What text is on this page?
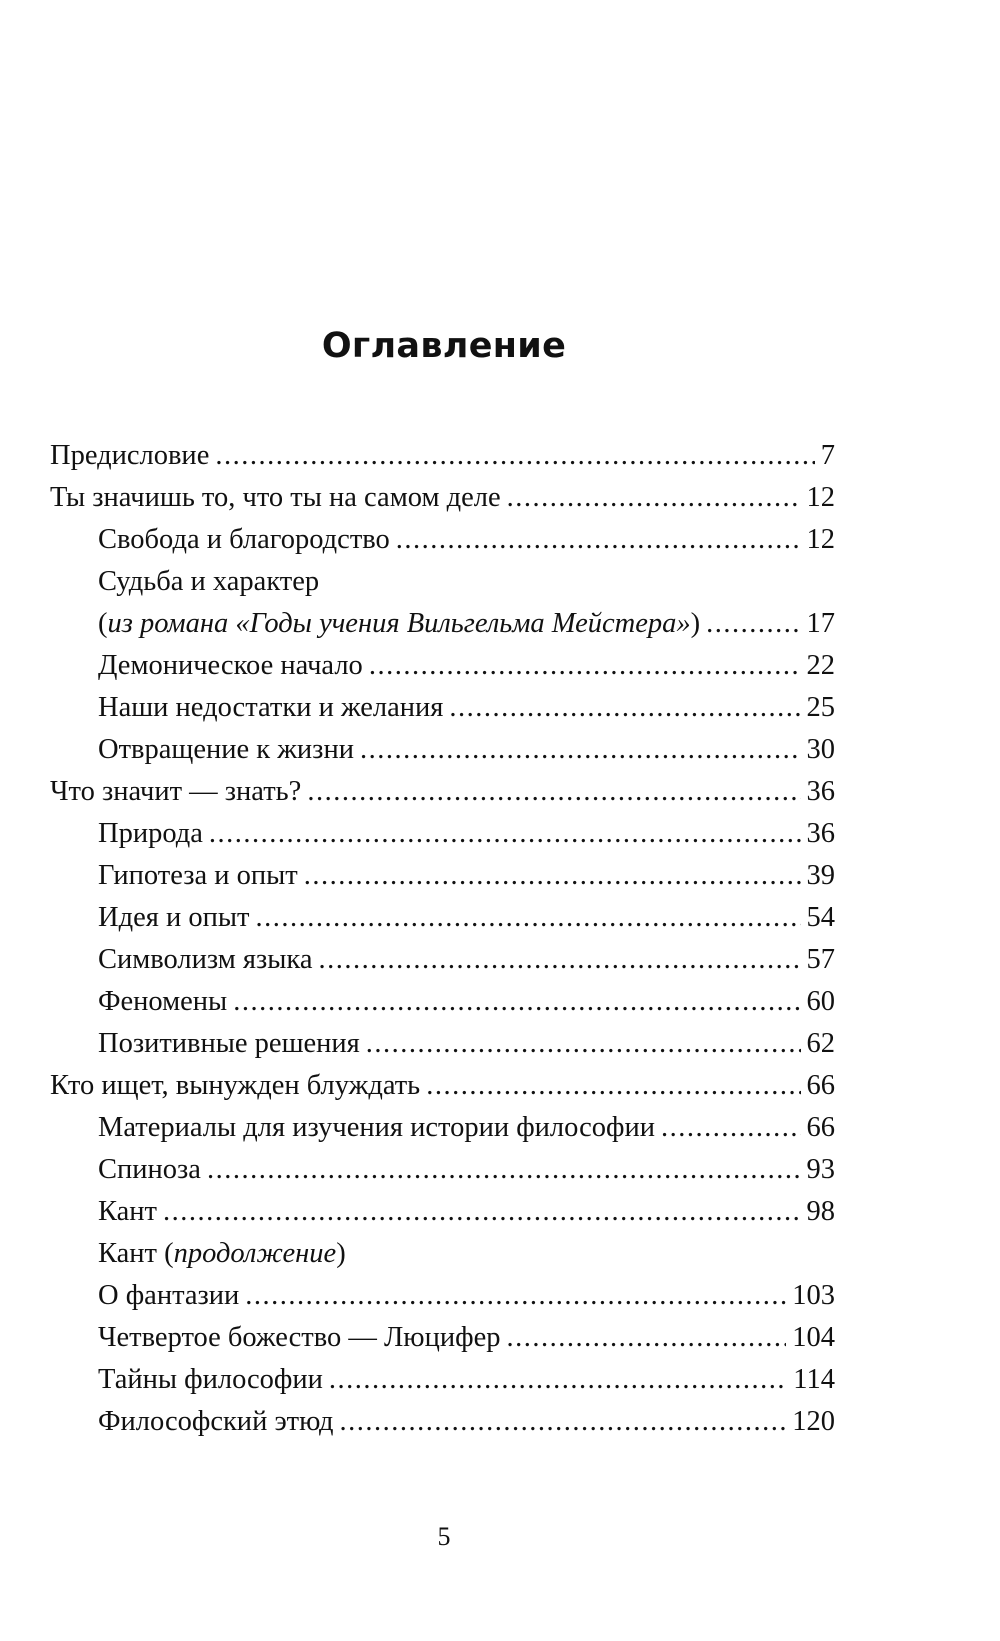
Оглавление
Предисловие .....	7
Ты значишь то, что ты на самом деле .....	12
Свобода и благородство .....	12
Судьба и характер
(из романа «Годы учения Вильгельма Мейстера») .....	17
Демоническое начало .....	22
Наши недостатки и желания .....	25
Отвращение к жизни .....	30
Что значит — знать? .....	36
Природа .....	36
Гипотеза и опыт .....	39
Идея и опыт .....	54
Символизм языка .....	57
Феномены .....	60
Позитивные решения .....	62
Кто ищет, вынужден блуждать .....	66
Материалы для изучения истории философии .....	66
Спиноза .....	93
Кант .....	98
Кант (продолжение)
О фантазии .....	103
Четвертое божество — Люцифер .....	104
Тайны философии .....	114
Философский этюд .....	120
5
